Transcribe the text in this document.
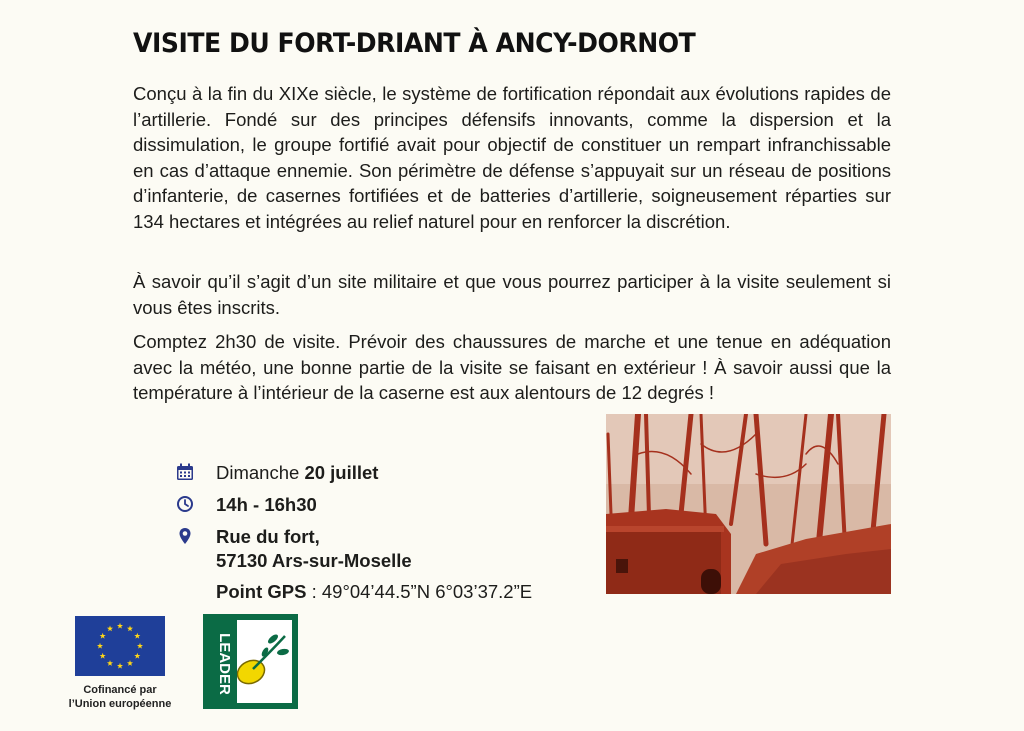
VISITE DU FORT-DRIANT À ANCY-DORNOT

Conçu à la fin du XIXe siècle, le système de fortification répondait aux évolutions rapides de l’artillerie. Fondé sur des principes défensifs innovants, comme la dispersion et la dissimulation, le groupe fortifié avait pour objectif de constituer un rempart infranchissable en cas d’attaque ennemie. Son périmètre de défense s’appuyait sur un réseau de positions d’infanterie, de casernes fortifiées et de batteries d’artillerie, soigneusement réparties sur 134 hectares et intégrées au relief naturel pour en renforcer la discrétion.

À savoir qu’il s’agit d’un site militaire et que vous pourrez participer à la visite seulement si vous êtes inscrits.

Comptez 2h30 de visite. Prévoir des chaussures de marche et une tenue en adéquation avec la météo, une bonne partie de la visite se faisant en extérieur ! À savoir aussi que la température à l’intérieur de la caserne est aux alentours de 12 degrés !

Dimanche 20 juillet
14h - 16h30
Rue du fort,
57130 Ars-sur-Moselle
Point GPS : 49°04’44.5”N 6°03’37.2”E
Cofinancé par
l’Union européenne
LEADER
